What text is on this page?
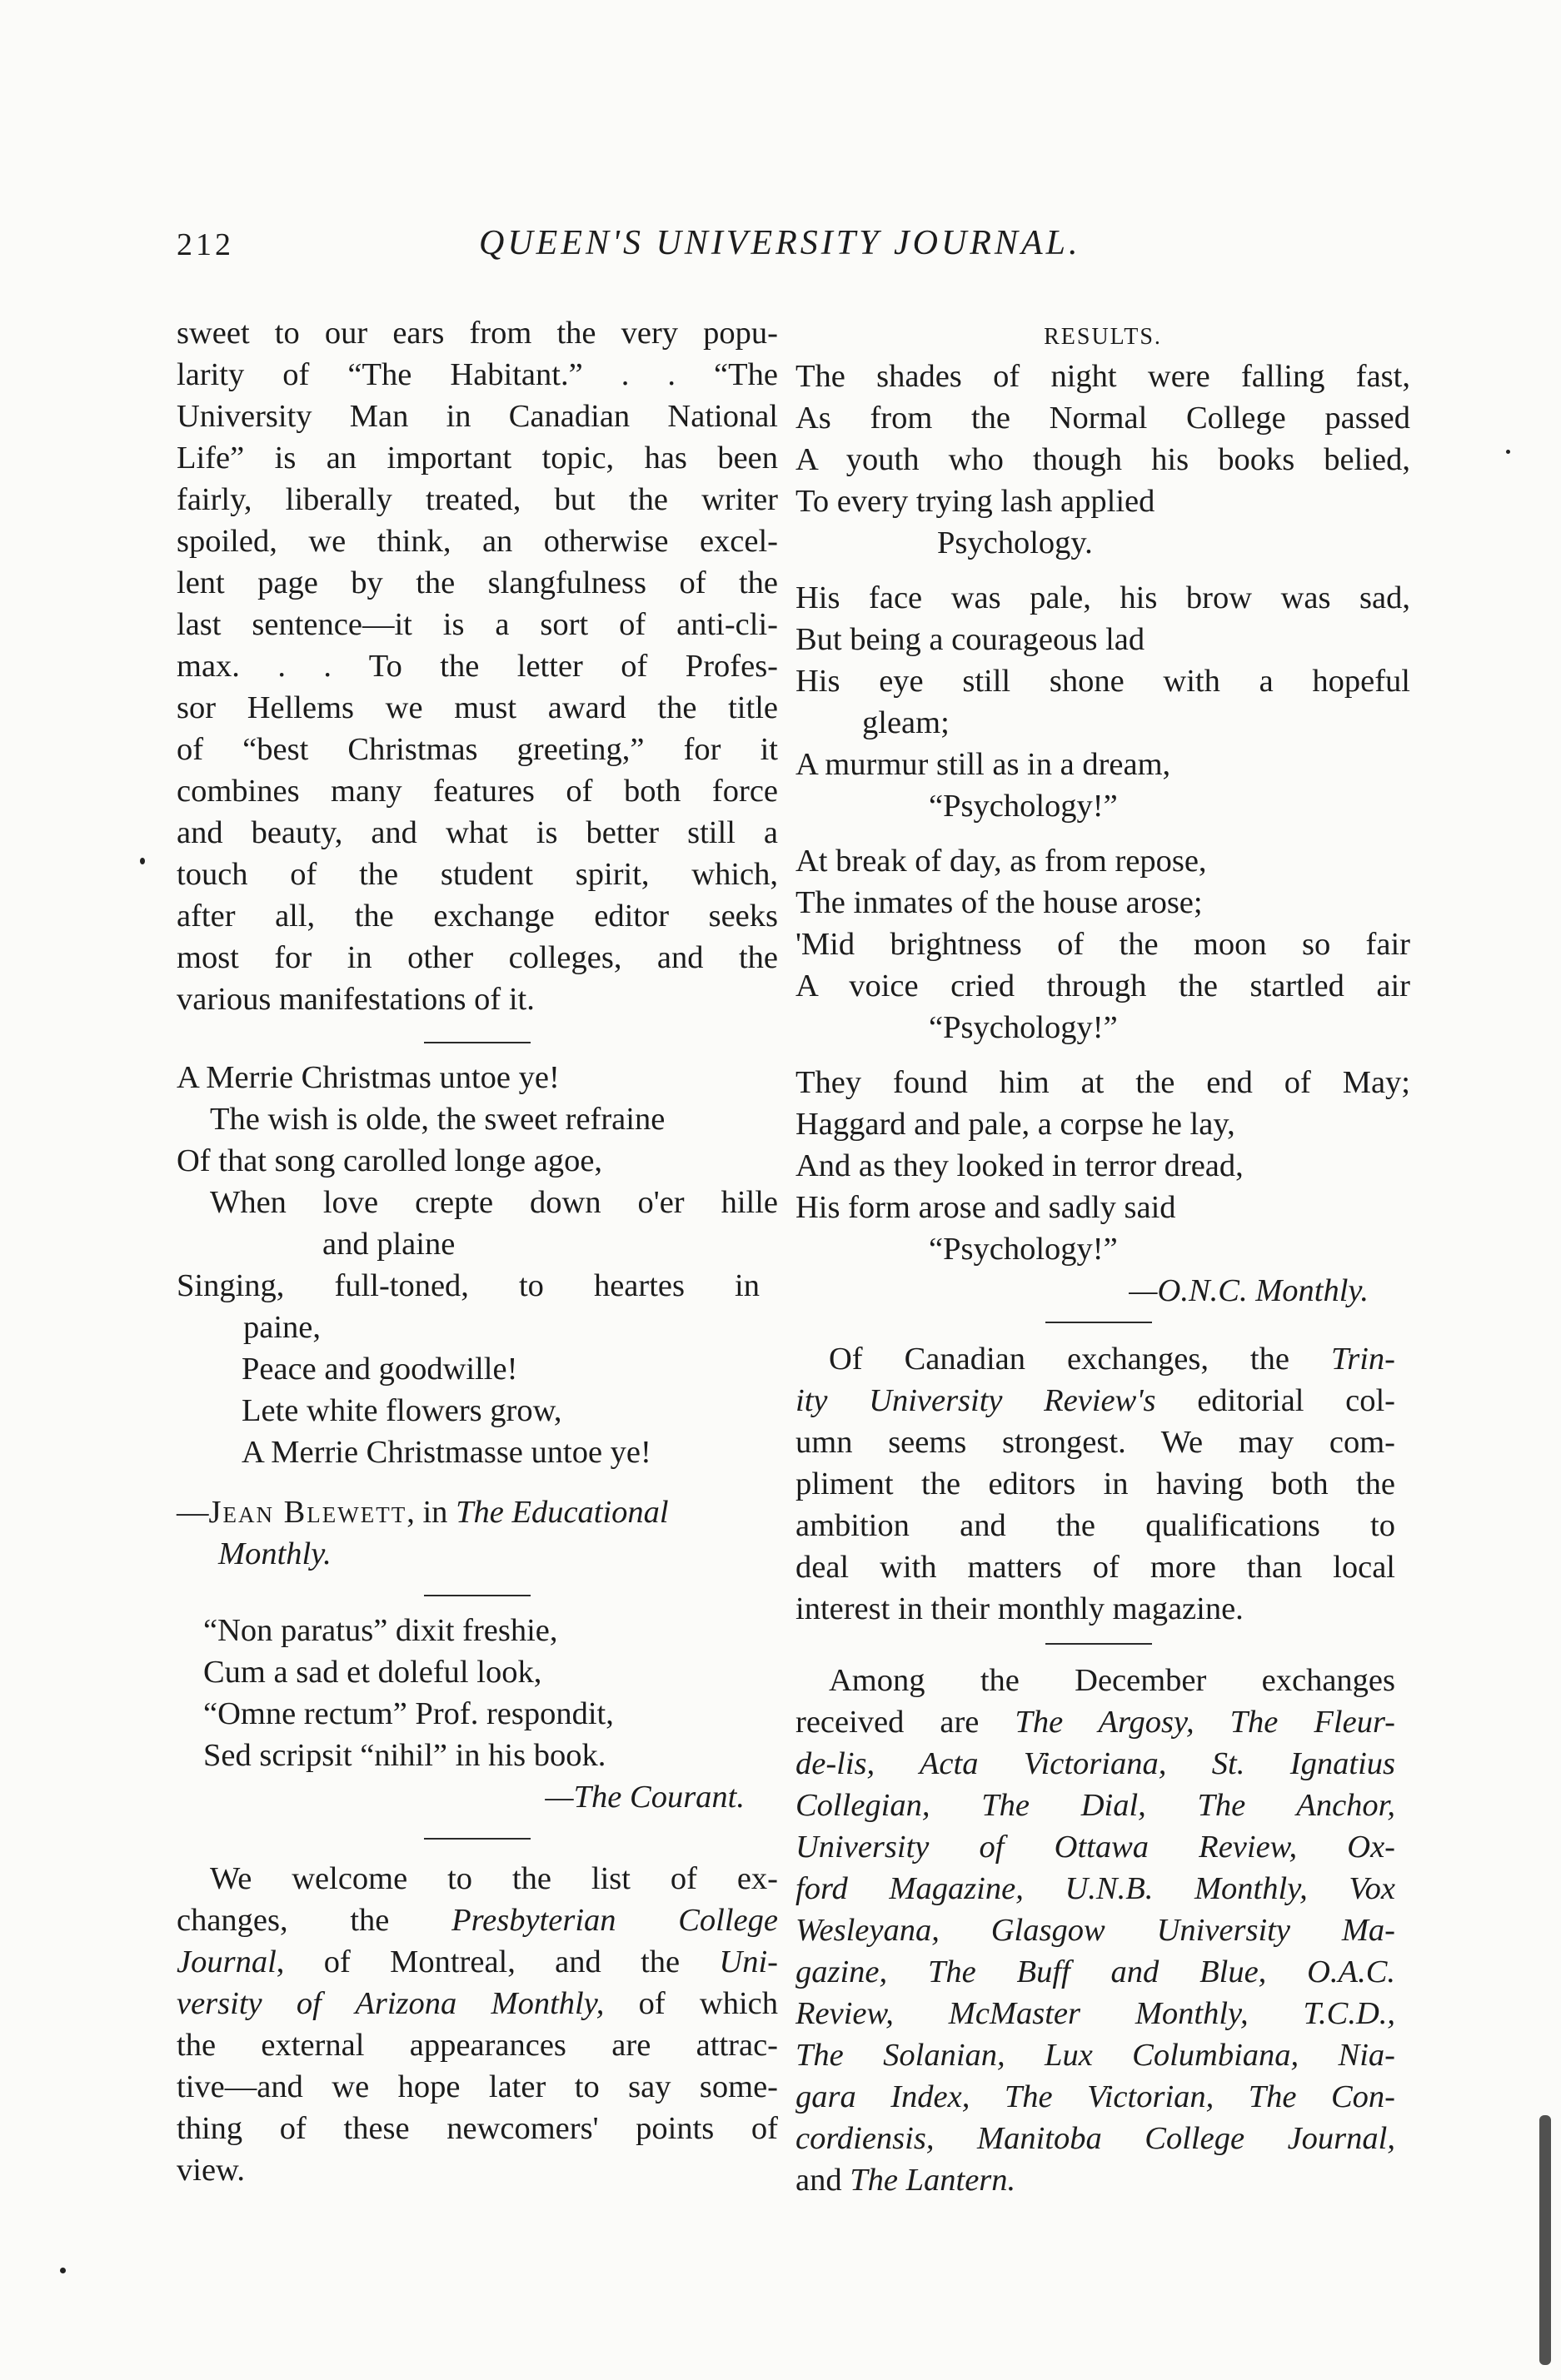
212	QUEEN'S UNIVERSITY JOURNAL.
sweet to our ears from the very popu-
larity of “The Habitant.” . . “The
University Man in Canadian National
Life” is an important topic, has been
fairly, liberally treated, but the writer
spoiled, we think, an otherwise excel-
lent page by the slangfulness of the
last sentence—it is a sort of anti-cli-
max. . . To the letter of Profes-
sor Hellems we must award the title
of “best Christmas greeting,” for it
combines many features of both force
and beauty, and what is better still a
touch of the student spirit, which,
after all, the exchange editor seeks
most for in other colleges, and the
various manifestations of it.
A Merrie Christmas untoe ye!
The wish is olde, the sweet refraine
Of that song carolled longe agoe,
When love crepte down o'er hille
and plaine
Singing, full-toned, to heartes in
paine,
Peace and goodwille!
Lete white flowers grow,
A Merrie Christmasse untoe ye!
—Jean Blewett, in The Educational
Monthly.
“Non paratus” dixit freshie,
Cum a sad et doleful look,
“Omne rectum” Prof. respondit,
Sed scripsit “nihil” in his book.
—The Courant.
We welcome to the list of ex-
changes, the Presbyterian College
Journal, of Montreal, and the Uni-
versity of Arizona Monthly, of which
the external appearances are attrac-
tive—and we hope later to say some-
thing of these newcomers' points of
view.
RESULTS.
The shades of night were falling fast,
As from the Normal College passed
A youth who though his books belied,
To every trying lash applied
Psychology.
His face was pale, his brow was sad,
But being a courageous lad
His eye still shone with a hopeful
gleam;
A murmur still as in a dream,
“Psychology!”
At break of day, as from repose,
The inmates of the house arose;
'Mid brightness of the moon so fair
A voice cried through the startled air
“Psychology!”
They found him at the end of May;
Haggard and pale, a corpse he lay,
And as they looked in terror dread,
His form arose and sadly said
“Psychology!”
—O.N.C. Monthly.
Of Canadian exchanges, the Trin-
ity University Review's editorial col-
umn seems strongest. We may com-
pliment the editors in having both the
ambition and the qualifications to
deal with matters of more than local
interest in their monthly magazine.
Among the December exchanges
received are The Argosy, The Fleur-
de-lis, Acta Victoriana, St. Ignatius
Collegian, The Dial, The Anchor,
University of Ottawa Review, Ox-
ford Magazine, U.N.B. Monthly, Vox
Wesleyana, Glasgow University Ma-
gazine, The Buff and Blue, O.A.C.
Review, McMaster Monthly, T.C.D.,
The Solanian, Lux Columbiana, Nia-
gara Index, The Victorian, The Con-
cordiensis, Manitoba College Journal,
and The Lantern.
